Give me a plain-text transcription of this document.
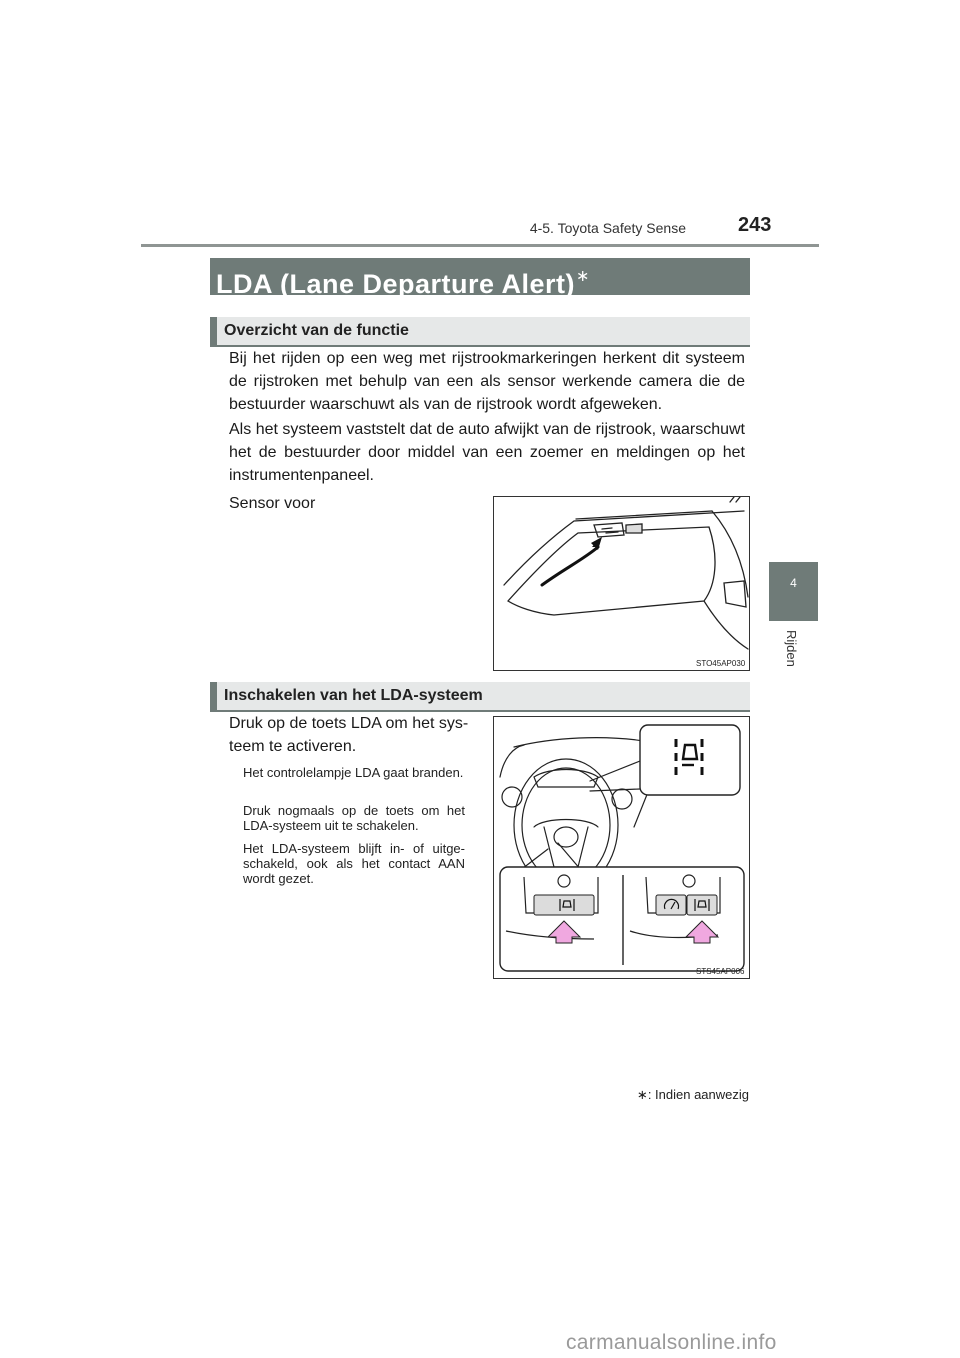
4-5. Toyota Safety Sense	243
4
Rijden
LDA (Lane Departure Alert)∗
Overzicht van de functie
Bij het rijden op een weg met rijstrookmarkeringen herkent dit systeem de rijstroken met behulp van een als sensor werkende camera die de bestuurder waarschuwt als van de rijstrook wordt afgeweken.
Als het systeem vaststelt dat de auto afwijkt van de rijstrook, waarschuwt het de bestuurder door middel van een zoemer en meldingen op het instrumentenpaneel.
Sensor voor
STO45AP030
Inschakelen van het LDA-systeem
Druk op de toets LDA om het systeem te activeren.
Het controlelampje LDA gaat branden.
Druk nogmaals op de toets om het LDA-systeem uit te schakelen.
Het LDA-systeem blijft in- of uitgeschakeld, ook als het contact AAN wordt gezet.
STS45AP006
∗: Indien aanwezig
carmanualsonline.info
